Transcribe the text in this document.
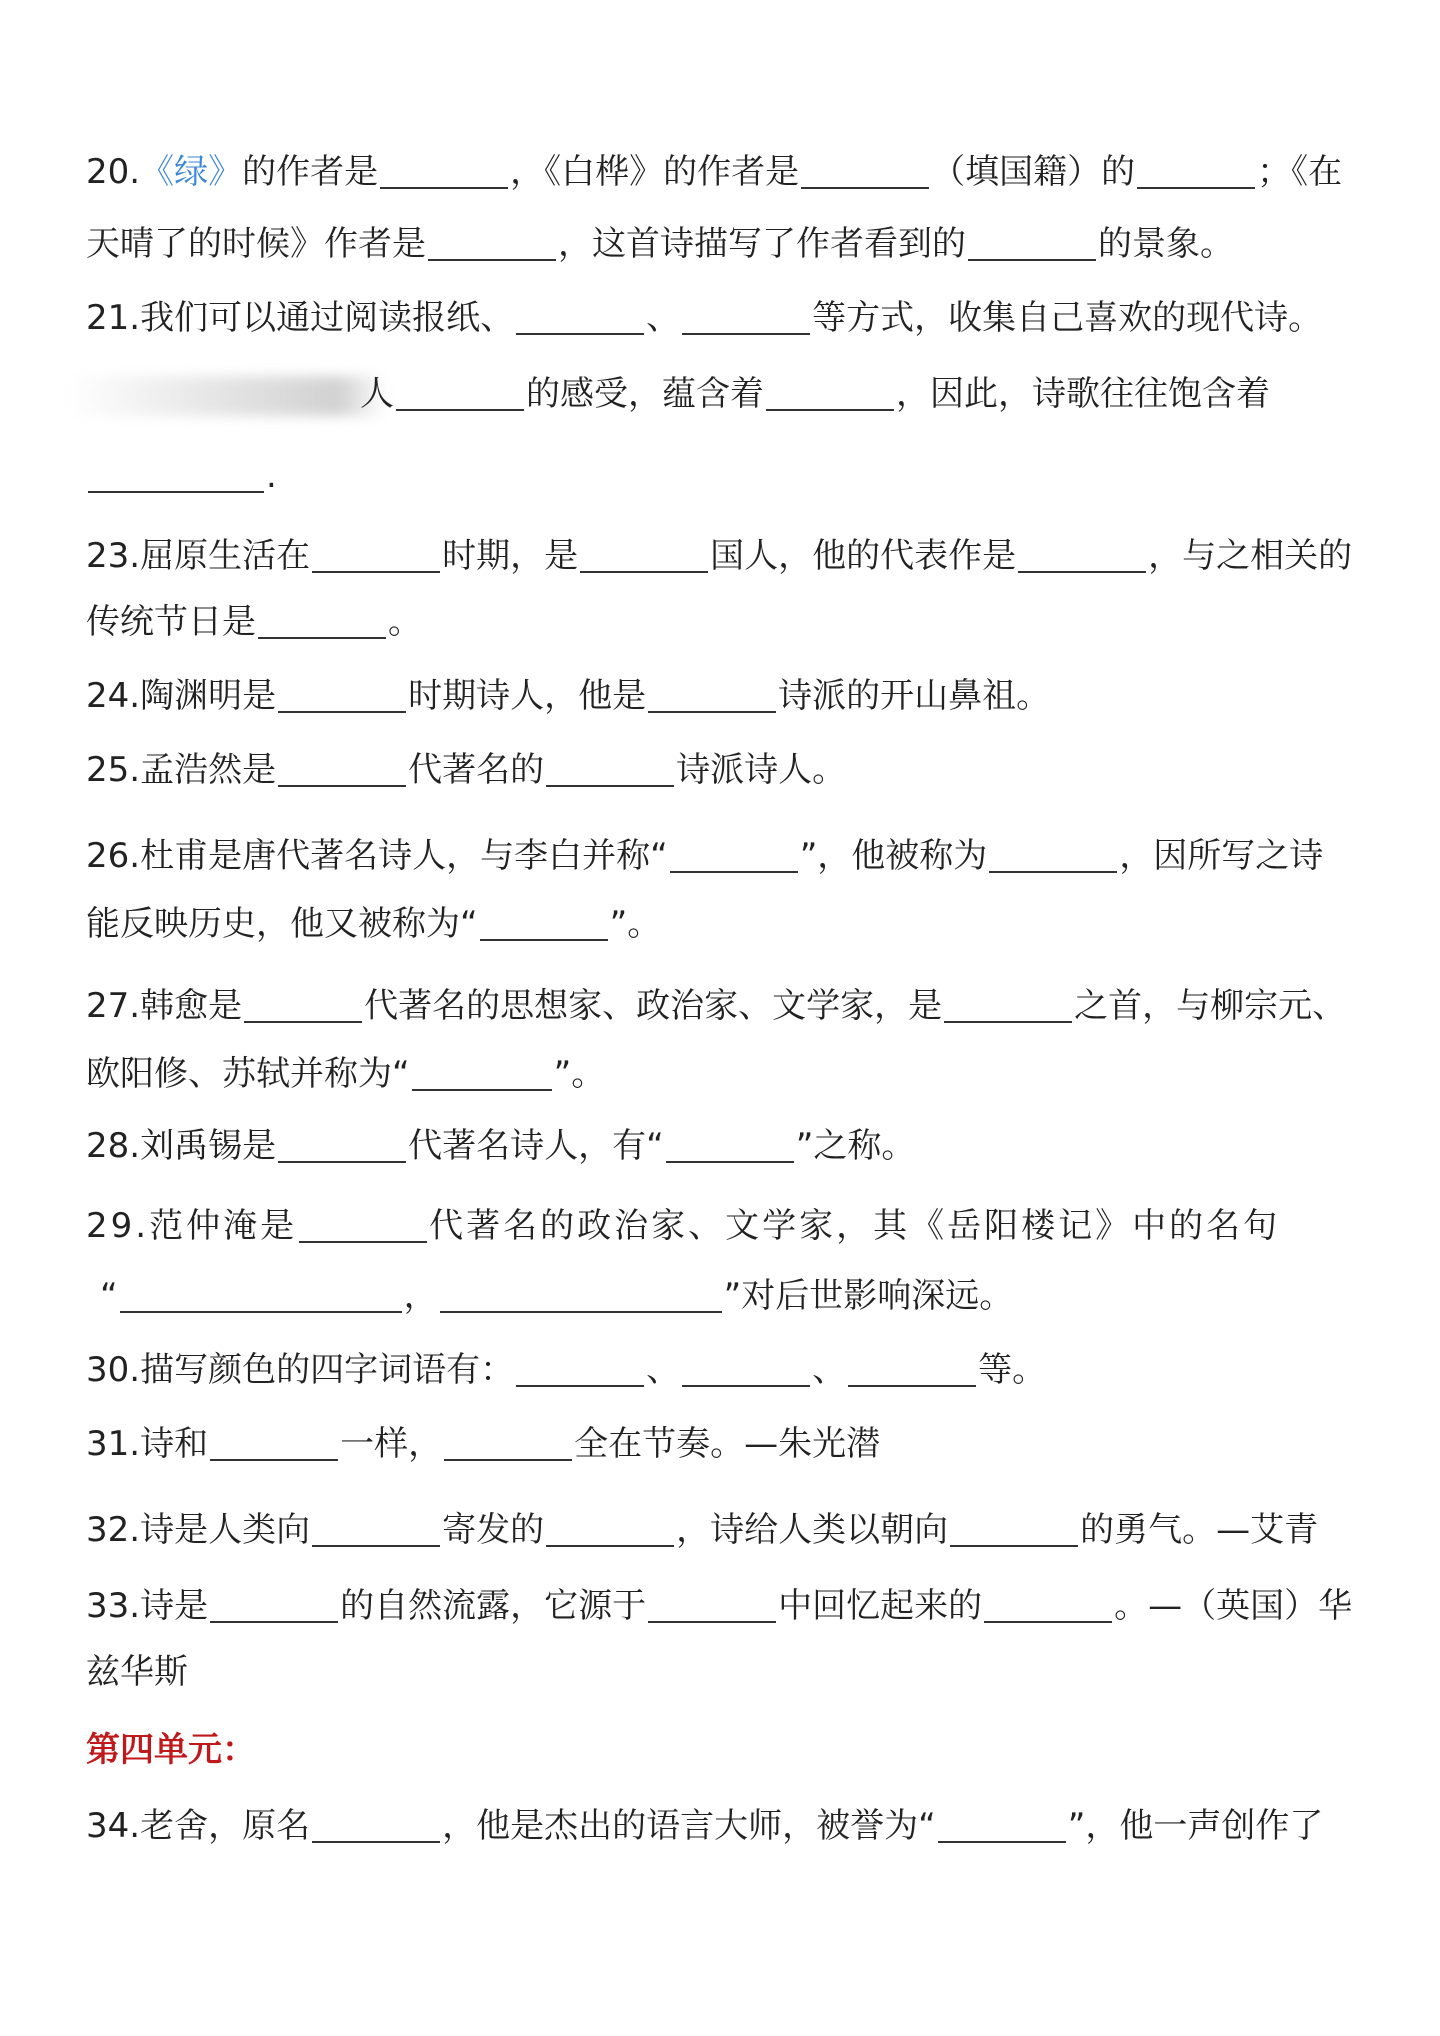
20.《绿》的作者是	，《白桦》的作者是	（填国籍）的	；《在
天晴了的时候》作者是	，这首诗描写了作者看到的	的景象。
21.我们可以通过阅读报纸、	、	等方式，收集自己喜欢的现代诗。
人	的感受，蕴含着	，因此，诗歌往往饱含着
.
23.屈原生活在	时期，是	国人，他的代表作是	，与之相关的
传统节日是	。
24.陶渊明是	时期诗人，他是	诗派的开山鼻祖。
25.孟浩然是	代著名的	诗派诗人。
26.杜甫是唐代著名诗人，与李白并称“	”，他被称为	，因所写之诗
能反映历史，他又被称为“	”。
27.韩愈是	代著名的思想家、政治家、文学家，是	之首，与柳宗元、
欧阳修、苏轼并称为“	”。
28.刘禹锡是	代著名诗人，有“	”之称。
29.范仲淹是	代著名的政治家、文学家，其《岳阳楼记》中的名句
“	，	”对后世影响深远。
30.描写颜色的四字词语有：	、	、	等。
31.诗和	一样，	全在节奏。—朱光潜
32.诗是人类向	寄发的	，诗给人类以朝向	的勇气。—艾青
33.诗是	的自然流露，它源于	中回忆起来的	。—（英国）华
兹华斯
第四单元：
34.老舍，原名	，他是杰出的语言大师，被誉为“	”，他一声创作了
